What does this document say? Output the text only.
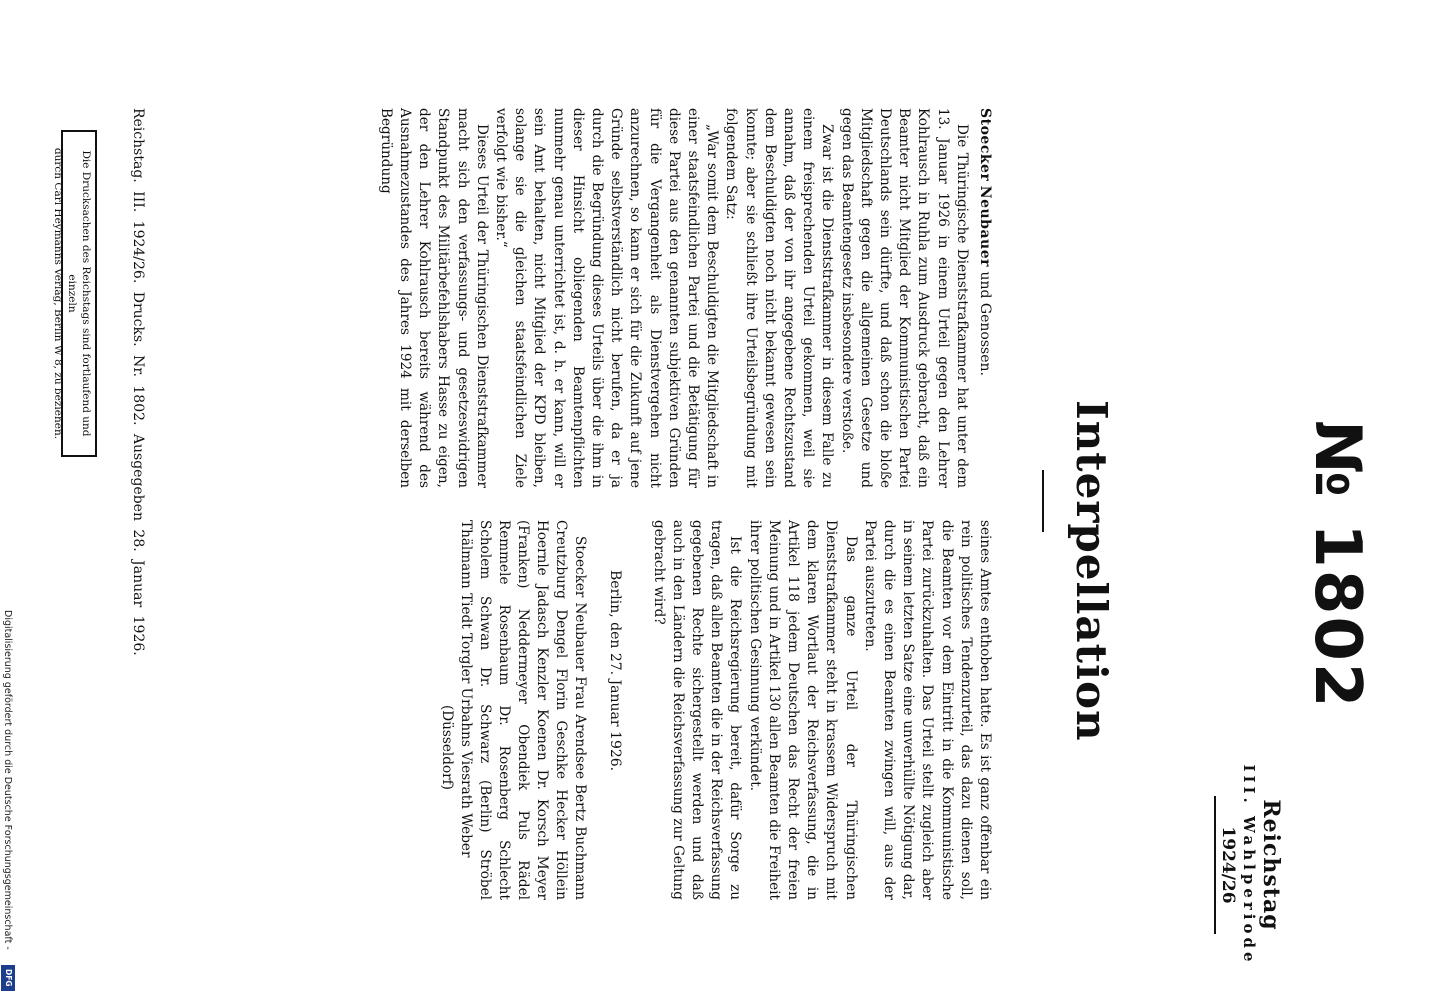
№ 1802
Reichstag
III. Wahlperiode
1924/26
Interpellation
Stoecker Neubauer und Genossen.

Die Thüringische Dienststrafkammer hat unter dem 13. Januar 1926 in einem Urteil gegen den Lehrer Kohlrausch in Ruhla zum Ausdruck gebracht, daß ein Beamter nicht Mitglied der Kommunistischen Partei Deutschlands sein dürfte, und daß schon die bloße Mitgliedschaft gegen die allgemeinen Gesetze und gegen das Beamtengesetz insbesondere verstoße.

Zwar ist die Dienststrafkammer in diesem Falle zu einem freisprechenden Urteil gekommen, weil sie annahm, daß der von ihr angegebene Rechtszustand dem Beschuldigten noch nicht bekannt gewesen sein konnte; aber sie schließt ihre Urteilsbegründung mit folgendem Satz:

„War somit dem Beschuldigten die Mitgliedschaft in einer staatsfeindlichen Partei und die Betätigung für diese Partei aus den genannten subjektiven Gründen für die Vergangenheit als Dienstvergehen nicht anzurechnen, so kann er sich für die Zukunft auf jene Gründe selbstverständlich nicht berufen, da er ja durch die Begründung dieses Urteils über die ihm in dieser Hinsicht obliegenden Beamtenpflichten nunmehr genau unterrichtet ist, d. h. er kann, will er sein Amt behalten, nicht Mitglied der KPD bleiben, solange sie die gleichen staatsfeindlichen Ziele verfolgt wie bisher.“

Dieses Urteil der Thüringischen Dienststrafkammer macht sich den verfassungs- und gesetzeswidrigen Standpunkt des Militärbefehlshabers Hasse zu eigen, der den Lehrer Kohlrausch bereits während des Ausnahmezustandes des Jahres 1924 mit derselben Begründung

seines Amtes enthoben hatte. Es ist ganz offenbar ein rein politisches Tendenzurteil, das dazu dienen soll, die Beamten vor dem Eintritt in die Kommunistische Partei zurückzuhalten. Das Urteil stellt zugleich aber in seinem letzten Satze eine unverhüllte Nötigung dar, durch die es einen Beamten zwingen will, aus der Partei auszutreten.

Das ganze Urteil der Thüringischen Dienststrafkammer steht in krassem Widerspruch mit dem klaren Wortlaut der Reichsverfassung, die in Artikel 118 jedem Deutschen das Recht der freien Meinung und in Artikel 130 allen Beamten die Freiheit ihrer politischen Gesinnung verkündet.

Ist die Reichsregierung bereit, dafür Sorge zu tragen, daß allen Beamten die in der Reichsverfassung gegebenen Rechte sichergestellt werden und daß auch in den Ländern die Reichsverfassung zur Geltung gebracht wird?

Berlin, den 27. Januar 1926.

Stoecker Neubauer Frau Arendsee Bertz Buchmann Creutzburg Dengel Florin Geschke Hecker Höllein Hoernle Jadasch Kenzler Koenen Dr. Korsch Meyer (Franken) Neddermeyer Obendiek Puls Rädel Remmele Rosenbaum Dr. Rosenberg Schlecht Scholem Schwan Dr. Schwarz (Berlin) Ströbel Thälmann Tiedt Torgler Urbahns Viesrath Weber

(Düsseldorf)

Reichstag. III. 1924/26. Drucks. Nr. 1802. Ausgegeben 28. Januar 1926.
Die Drucksachen des Reichstags sind fortlaufend und einzeln
durch Carl Heymanns Verlag, Berlin W 8, zu beziehen.
Digitalisierung gefördert durch die Deutsche Forschungsgemeinschaft -
DFG
